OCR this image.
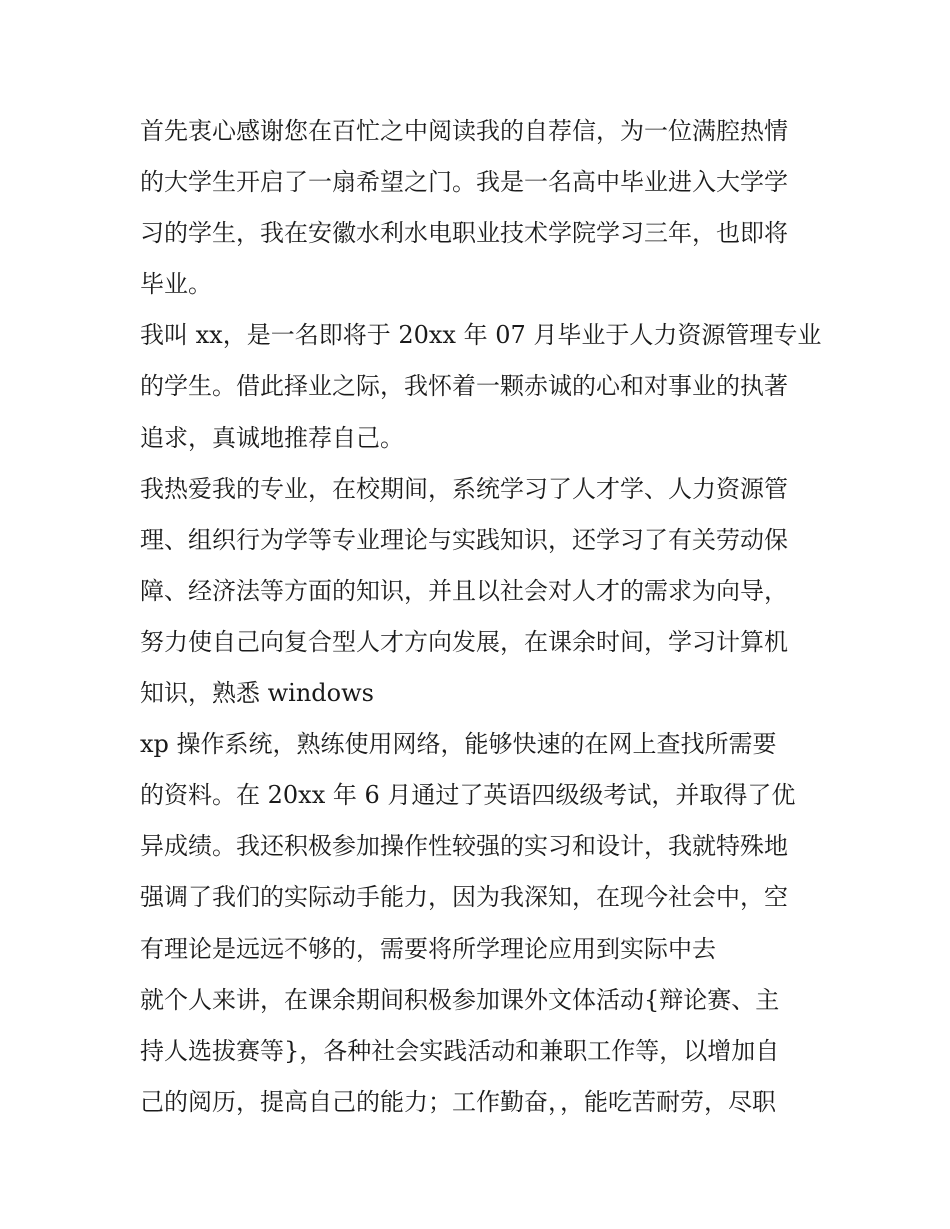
首先衷心感谢您在百忙之中阅读我的自荐信，为一位满腔热情
的大学生开启了一扇希望之门。我是一名高中毕业进入大学学
习的学生，我在安徽水利水电职业技术学院学习三年，也即将
毕业。
我叫 xx，是一名即将于 20xx 年 07 月毕业于人力资源管理专业
的学生。借此择业之际，我怀着一颗赤诚的心和对事业的执著
追求，真诚地推荐自己。
我热爱我的专业，在校期间，系统学习了人才学、人力资源管
理、组织行为学等专业理论与实践知识，还学习了有关劳动保
障、经济法等方面的知识，并且以社会对人才的需求为向导，
努力使自己向复合型人才方向发展，在课余时间，学习计算机
知识，熟悉 windows
xp 操作系统，熟练使用网络，能够快速的在网上查找所需要
的资料。在 20xx 年 6 月通过了英语四级级考试，并取得了优
异成绩。我还积极参加操作性较强的实习和设计，我就特殊地
强调了我们的实际动手能力，因为我深知，在现今社会中，空
有理论是远远不够的，需要将所学理论应用到实际中去
就个人来讲，在课余期间积极参加课外文体活动{辩论赛、主
持人选拔赛等}，各种社会实践活动和兼职工作等，以增加自
己的阅历，提高自己的能力；工作勤奋，，能吃苦耐劳，尽职
